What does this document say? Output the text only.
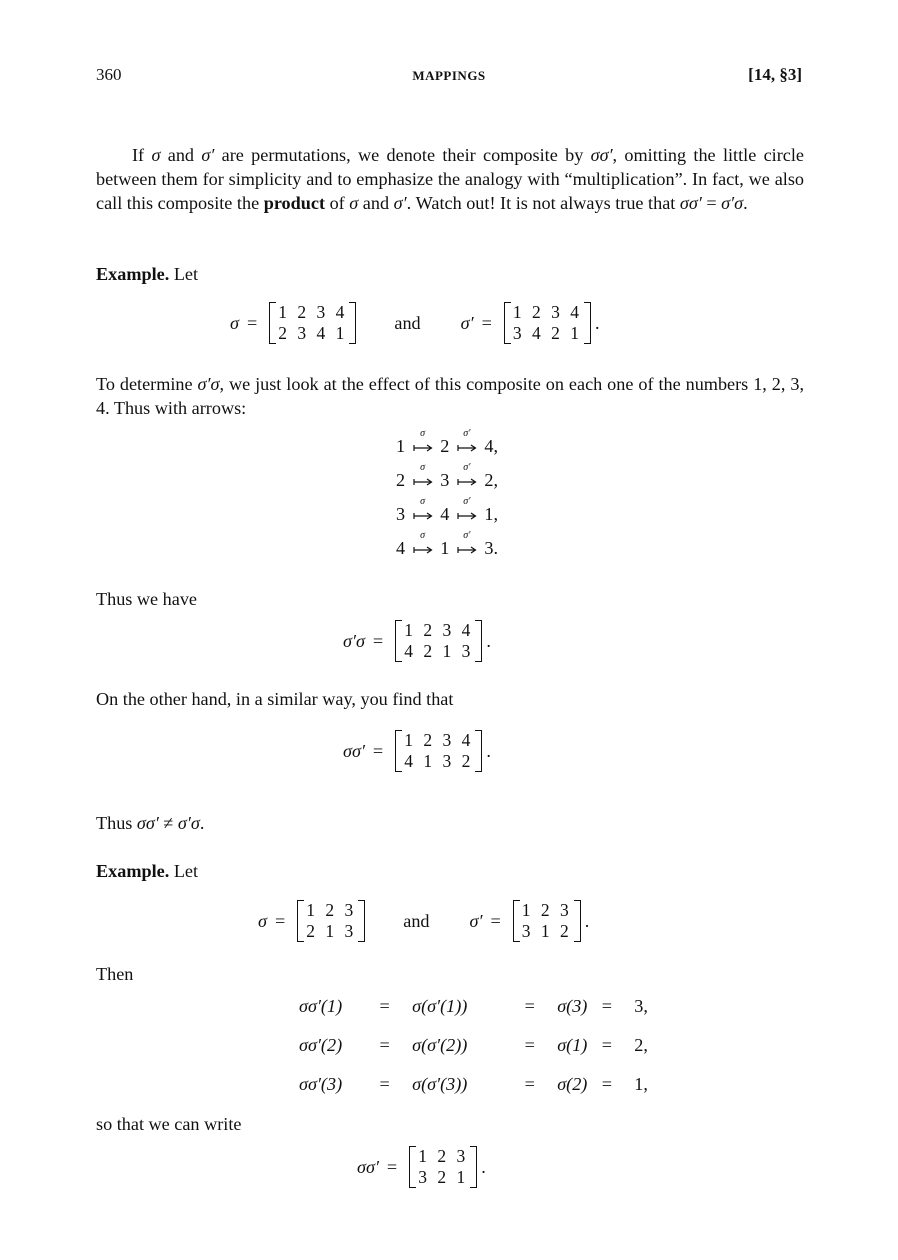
360	MAPPINGS	[14, §3]

If σ and σ′ are permutations, we denote their composite by σσ′, omitting the little circle between them for simplicity and to emphasize the analogy with “multiplication”. In fact, we also call this composite the product of σ and σ′. Watch out! It is not always true that σσ′ = σ′σ.

Example. Let
σ =
1 2 3 4
2 3 4 1
and σ′ =
1 2 3 4
3 4 2 1
.

To determine σ′σ, we just look at the effect of this composite on each one of the numbers 1, 2, 3, 4. Thus with arrows:

1
σ
2
σ′
4,
2
σ
3
σ′
2,
3
σ
4
σ′
1,
4
σ
1
σ′
3.
Thus we have
σ′σ =
1 2 3 4
4 2 1 3
.
On the other hand, in a similar way, you find that
σσ′ =
1 2 3 4
4 1 3 2
.
Thus σσ′ ≠ σ′σ.
Example. Let
σ =
1 2 3
2 1 3
and σ′ =
1 2 3
3 1 2
.
Then
σσ′(1) = σ(σ′(1))	= σ(3) = 3,
σσ′(2) = σ(σ′(2))	= σ(1) = 2,
σσ′(3) = σ(σ′(3))	= σ(2) = 1,
so that we can write
σσ′ =
1 2 3
3 2 1
.
